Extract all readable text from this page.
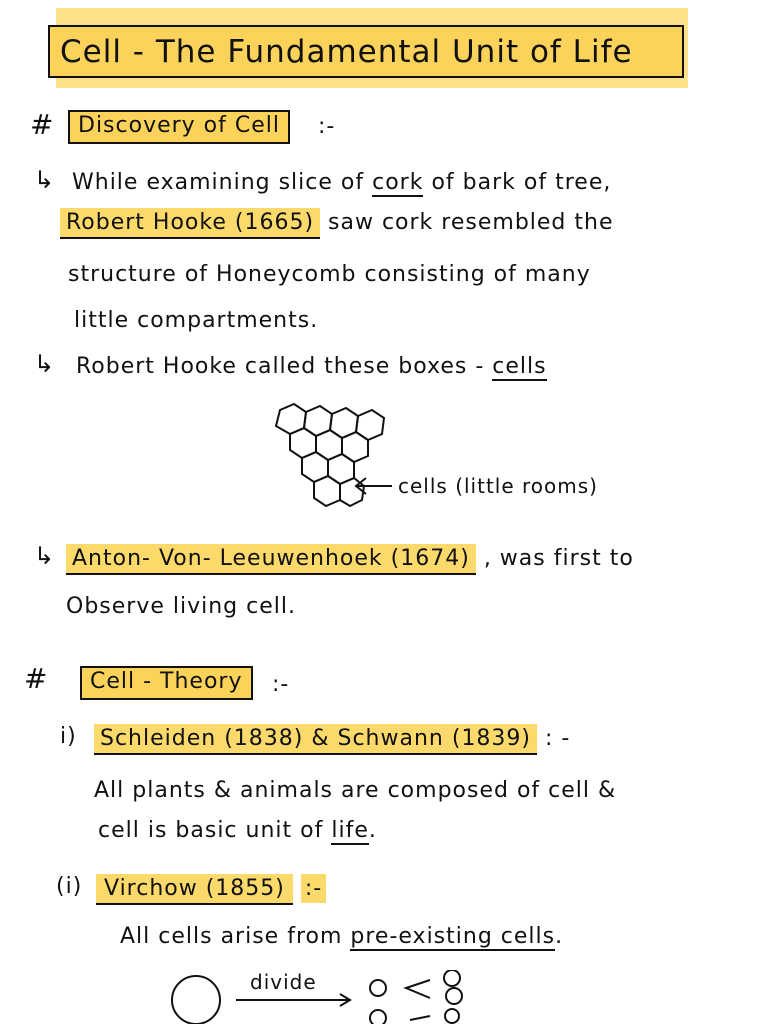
Cell - The Fundamental Unit of Life
#	Discovery of Cell	:-
↳ While examining slice of cork of bark of tree,
Robert Hooke (1665) saw cork resembled the
structure of Honeycomb consisting of many
little compartments.
↳ Robert Hooke called these boxes - cells
cells (little rooms)
↳ Anton- Von- Leeuwenhoek (1674) , was first to
Observe living cell.
#	Cell - Theory	:-
i) Schleiden (1838) & Schwann (1839) : -
All plants & animals are composed of cell &
cell is basic unit of life.
(i) Virchow (1855) :-
All cells arise from pre-existing cells.
divide
